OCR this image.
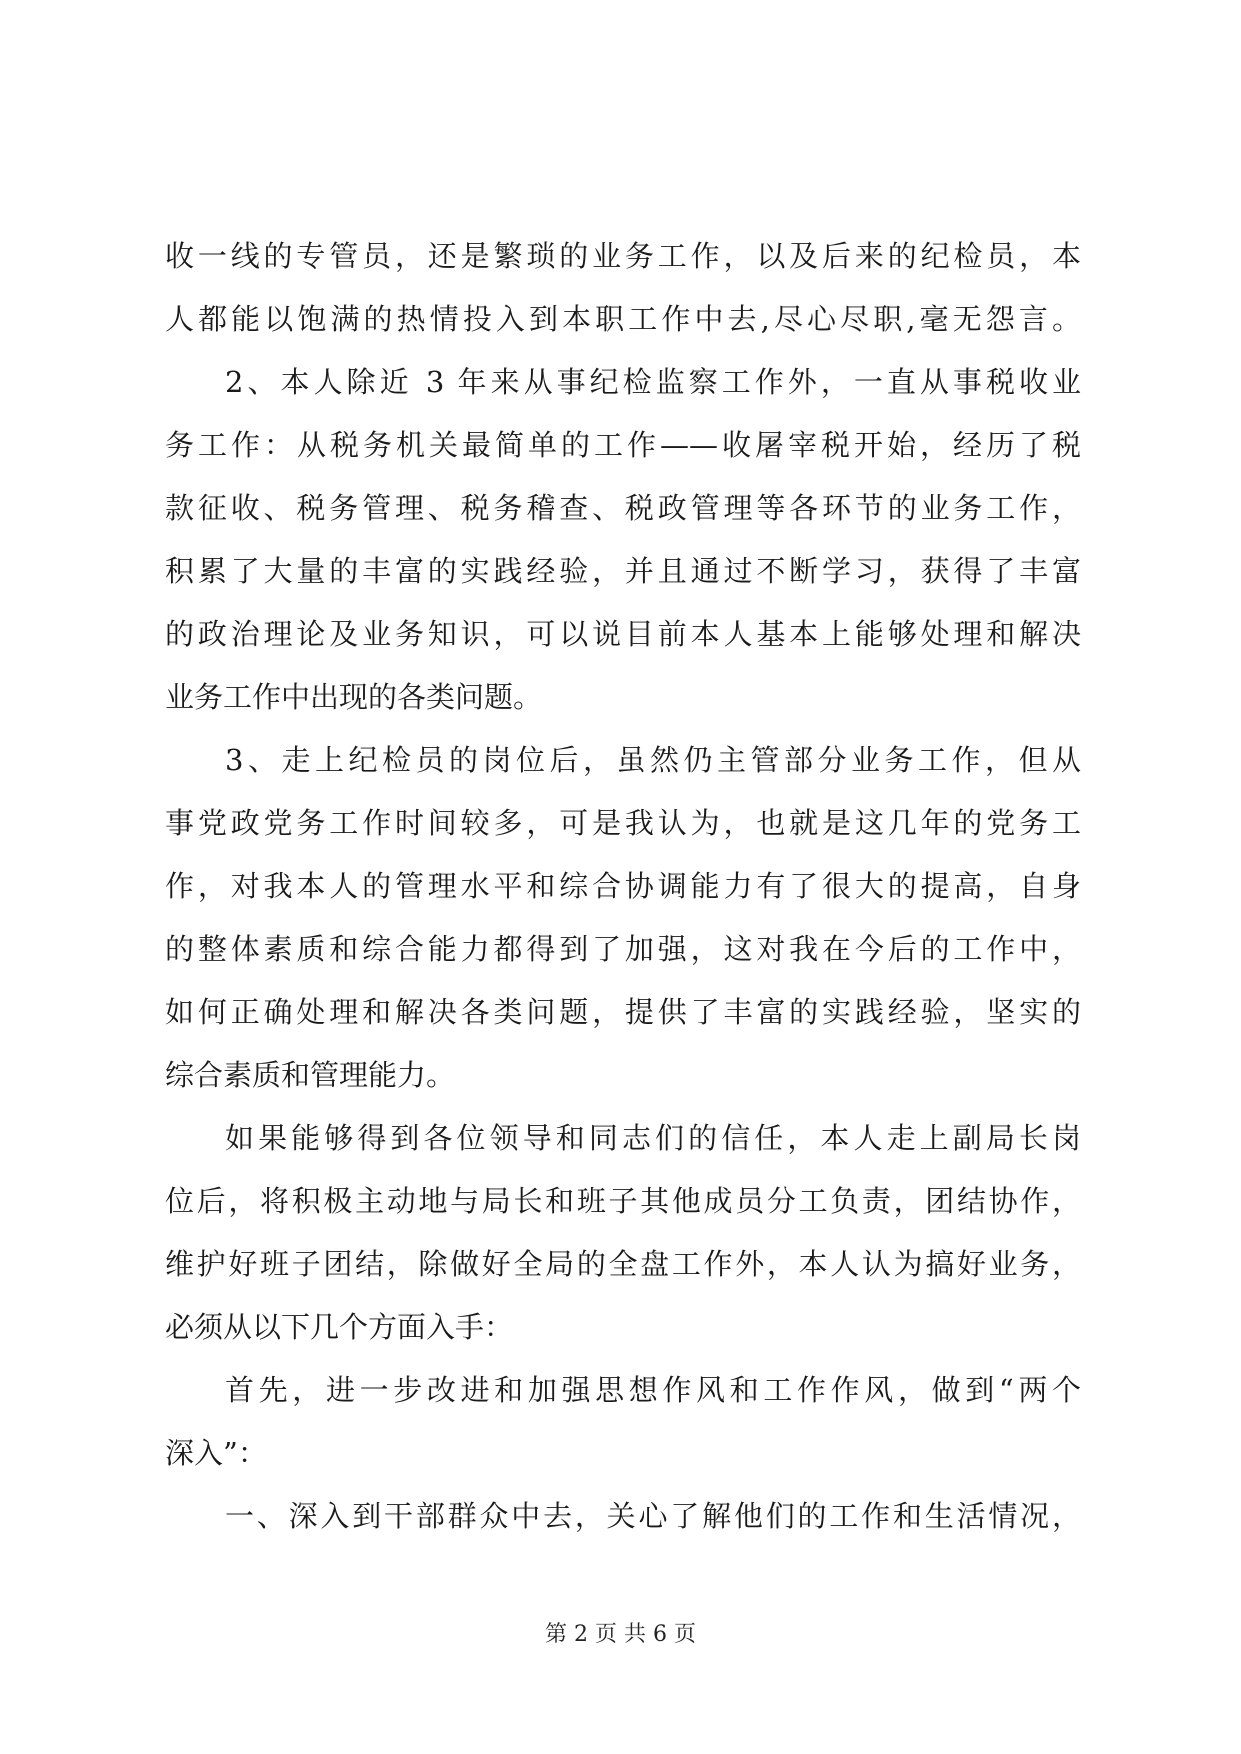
收一线的专管员，还是繁琐的业务工作，以及后来的纪检员，本
人都能以饱满的热情投入到本职工作中去,尽心尽职,毫无怨言。
2、本人除近 3 年来从事纪检监察工作外，一直从事税收业
务工作：从税务机关最简单的工作——收屠宰税开始，经历了税
款征收、税务管理、税务稽查、税政管理等各环节的业务工作，
积累了大量的丰富的实践经验，并且通过不断学习，获得了丰富
的政治理论及业务知识，可以说目前本人基本上能够处理和解决
业务工作中出现的各类问题。
3、走上纪检员的岗位后，虽然仍主管部分业务工作，但从
事党政党务工作时间较多，可是我认为，也就是这几年的党务工
作，对我本人的管理水平和综合协调能力有了很大的提高，自身
的整体素质和综合能力都得到了加强，这对我在今后的工作中，
如何正确处理和解决各类问题，提供了丰富的实践经验，坚实的
综合素质和管理能力。
如果能够得到各位领导和同志们的信任，本人走上副局长岗
位后，将积极主动地与局长和班子其他成员分工负责，团结协作，
维护好班子团结，除做好全局的全盘工作外，本人认为搞好业务，
必须从以下几个方面入手：
首先，进一步改进和加强思想作风和工作作风，做到“两个
深入”：
一、深入到干部群众中去，关心了解他们的工作和生活情况，
第 2 页 共 6 页
